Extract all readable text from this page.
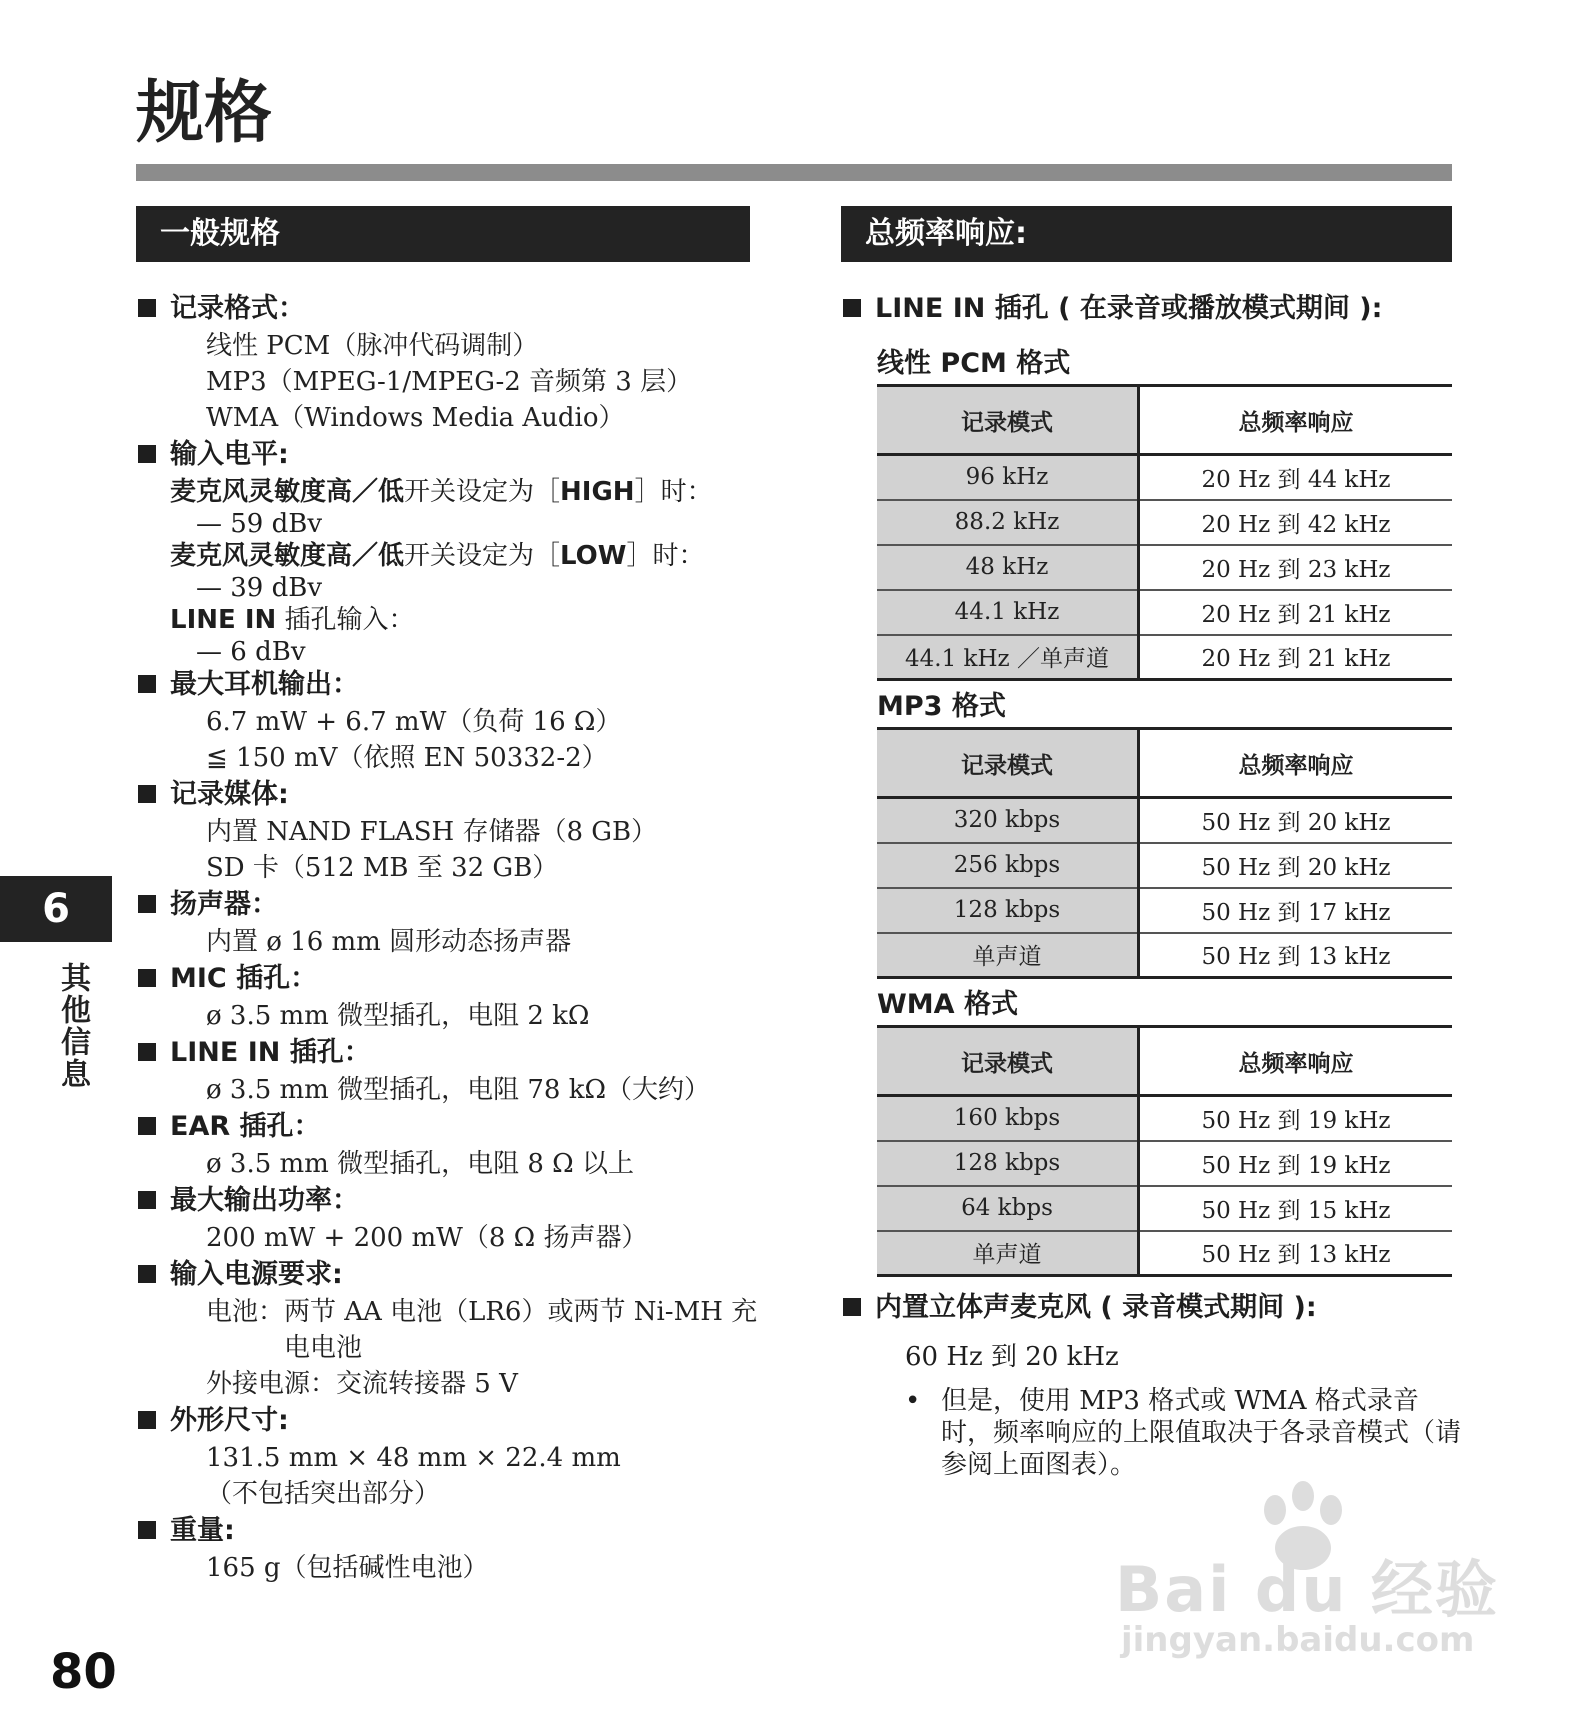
规格
一般规格	总频率响应:
记录格式：
线性 PCM（脉冲代码调制）
MP3（MPEG-1/MPEG-2 音频第 3 层）
WMA（Windows Media Audio）
输入电平:
麦克风灵敏度高／低开关设定为［HIGH］时：
— 59 dBv
麦克风灵敏度高／低开关设定为［LOW］时：
— 39 dBv
LINE IN 插孔输入：
— 6 dBv
最大耳机输出：
6.7 mW + 6.7 mW（负荷 16 Ω）
≦ 150 mV（依照 EN 50332-2）
记录媒体:
内置 NAND FLASH 存储器（8 GB）
SD 卡（512 MB 至 32 GB）
扬声器：
内置 ø 16 mm 圆形动态扬声器
MIC 插孔：
ø 3.5 mm 微型插孔，电阻 2 kΩ
LINE IN 插孔：
ø 3.5 mm 微型插孔，电阻 78 kΩ（大约）
EAR 插孔：
ø 3.5 mm 微型插孔，电阻 8 Ω 以上
最大输出功率：
200 mW + 200 mW（8 Ω 扬声器）
输入电源要求:
电池：两节 AA 电池（LR6）或两节 Ni-MH 充
电电池
外接电源：交流转接器 5 V
外形尺寸:
131.5 mm × 48 mm × 22.4 mm
（不包括突出部分）
重量:
165 g（包括碱性电池）
6
其他信息
80
LINE IN 插孔 ( 在录音或播放模式期间 ):
线性 PCM 格式
记录模式	总频率响应
96 kHz	20 Hz 到 44 kHz
88.2 kHz	20 Hz 到 42 kHz
48 kHz	20 Hz 到 23 kHz
44.1 kHz	20 Hz 到 21 kHz
44.1 kHz ／单声道	20 Hz 到 21 kHz
MP3 格式
记录模式	总频率响应
320 kbps	50 Hz 到 20 kHz
256 kbps	50 Hz 到 20 kHz
128 kbps	50 Hz 到 17 kHz
单声道	50 Hz 到 13 kHz
WMA 格式
记录模式	总频率响应
160 kbps	50 Hz 到 19 kHz
128 kbps	50 Hz 到 19 kHz
64 kbps	50 Hz 到 15 kHz
单声道	50 Hz 到 13 kHz
内置立体声麦克风 ( 录音模式期间 ):
60 Hz 到 20 kHz
• 但是，使用 MP3 格式或 WMA 格式录音时，频率响应的上限值取决于各录音模式（请参阅上面图表）。
Bai du 经验
jingyan.baidu.com
